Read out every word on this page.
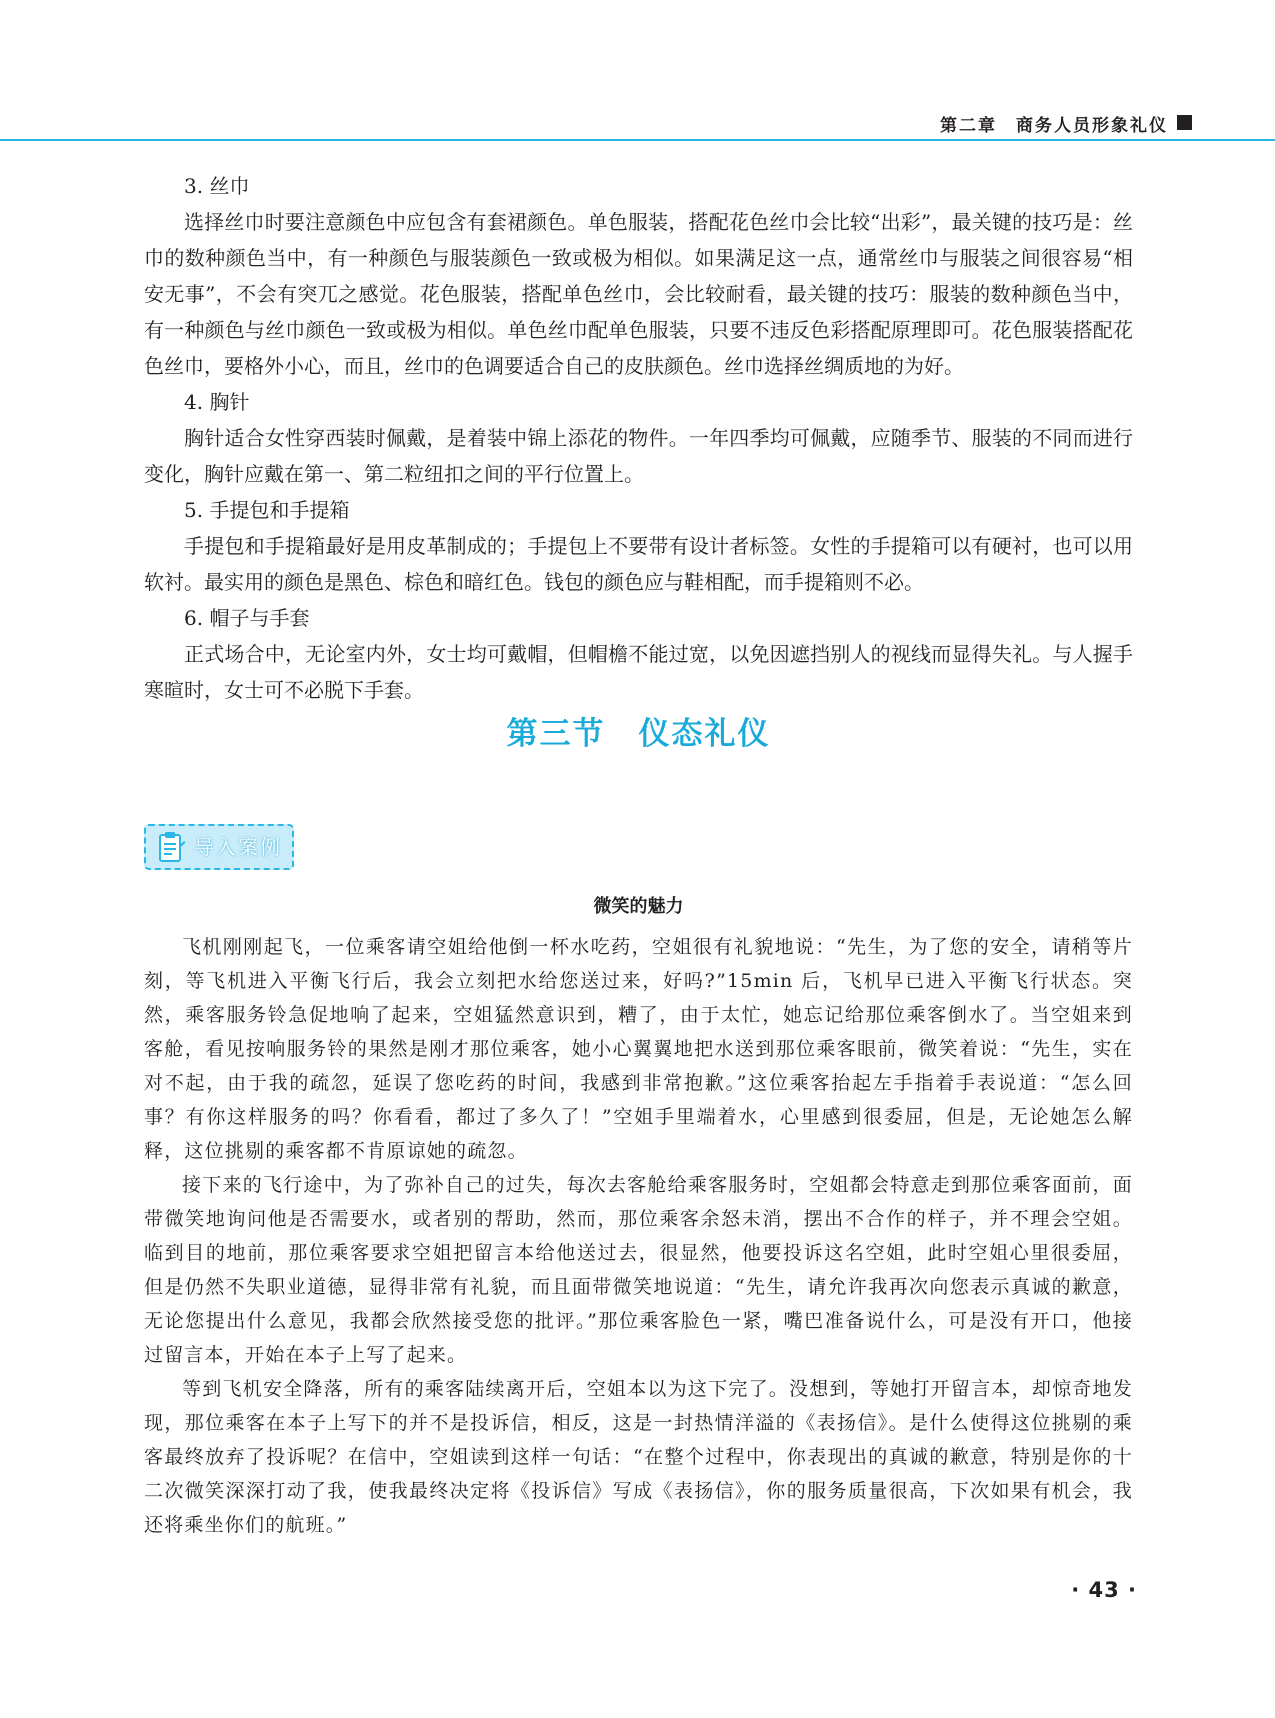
第二章　商务人员形象礼仪

3. 丝巾

选择丝巾时要注意颜色中应包含有套裙颜色。单色服装，搭配花色丝巾会比较“出彩”，最关键的技巧是：丝巾的数种颜色当中，有一种颜色与服装颜色一致或极为相似。如果满足这一点，通常丝巾与服装之间很容易“相安无事”，不会有突兀之感觉。花色服装，搭配单色丝巾，会比较耐看，最关键的技巧：服装的数种颜色当中，有一种颜色与丝巾颜色一致或极为相似。单色丝巾配单色服装，只要不违反色彩搭配原理即可。花色服装搭配花色丝巾，要格外小心，而且，丝巾的色调要适合自己的皮肤颜色。丝巾选择丝绸质地的为好。

4. 胸针

胸针适合女性穿西装时佩戴，是着装中锦上添花的物件。一年四季均可佩戴，应随季节、服装的不同而进行变化，胸针应戴在第一、第二粒纽扣之间的平行位置上。

5. 手提包和手提箱

手提包和手提箱最好是用皮革制成的；手提包上不要带有设计者标签。女性的手提箱可以有硬衬，也可以用软衬。最实用的颜色是黑色、棕色和暗红色。钱包的颜色应与鞋相配，而手提箱则不必。

6. 帽子与手套

正式场合中，无论室内外，女士均可戴帽，但帽檐不能过宽，以免因遮挡别人的视线而显得失礼。与人握手寒暄时，女士可不必脱下手套。

第三节　仪态礼仪
导入案例
微笑的魅力

飞机刚刚起飞，一位乘客请空姐给他倒一杯水吃药，空姐很有礼貌地说：“先生，为了您的安全，请稍等片刻，等飞机进入平衡飞行后，我会立刻把水给您送过来，好吗?”15min 后，飞机早已进入平衡飞行状态。突然，乘客服务铃急促地响了起来，空姐猛然意识到，糟了，由于太忙，她忘记给那位乘客倒水了。当空姐来到客舱，看见按响服务铃的果然是刚才那位乘客，她小心翼翼地把水送到那位乘客眼前，微笑着说：“先生，实在对不起，由于我的疏忽，延误了您吃药的时间，我感到非常抱歉。”这位乘客抬起左手指着手表说道：“怎么回事？有你这样服务的吗？你看看，都过了多久了！”空姐手里端着水，心里感到很委屈，但是，无论她怎么解释，这位挑剔的乘客都不肯原谅她的疏忽。

接下来的飞行途中，为了弥补自己的过失，每次去客舱给乘客服务时，空姐都会特意走到那位乘客面前，面带微笑地询问他是否需要水，或者别的帮助，然而，那位乘客余怒未消，摆出不合作的样子，并不理会空姐。临到目的地前，那位乘客要求空姐把留言本给他送过去，很显然，他要投诉这名空姐，此时空姐心里很委屈，但是仍然不失职业道德，显得非常有礼貌，而且面带微笑地说道：“先生，请允许我再次向您表示真诚的歉意，无论您提出什么意见，我都会欣然接受您的批评。”那位乘客脸色一紧，嘴巴准备说什么，可是没有开口，他接过留言本，开始在本子上写了起来。

等到飞机安全降落，所有的乘客陆续离开后，空姐本以为这下完了。没想到，等她打开留言本，却惊奇地发现，那位乘客在本子上写下的并不是投诉信，相反，这是一封热情洋溢的《表扬信》。是什么使得这位挑剔的乘客最终放弃了投诉呢？在信中，空姐读到这样一句话：“在整个过程中，你表现出的真诚的歉意，特别是你的十二次微笑深深打动了我，使我最终决定将《投诉信》写成《表扬信》，你的服务质量很高，下次如果有机会，我还将乘坐你们的航班。”

· 43 ·
